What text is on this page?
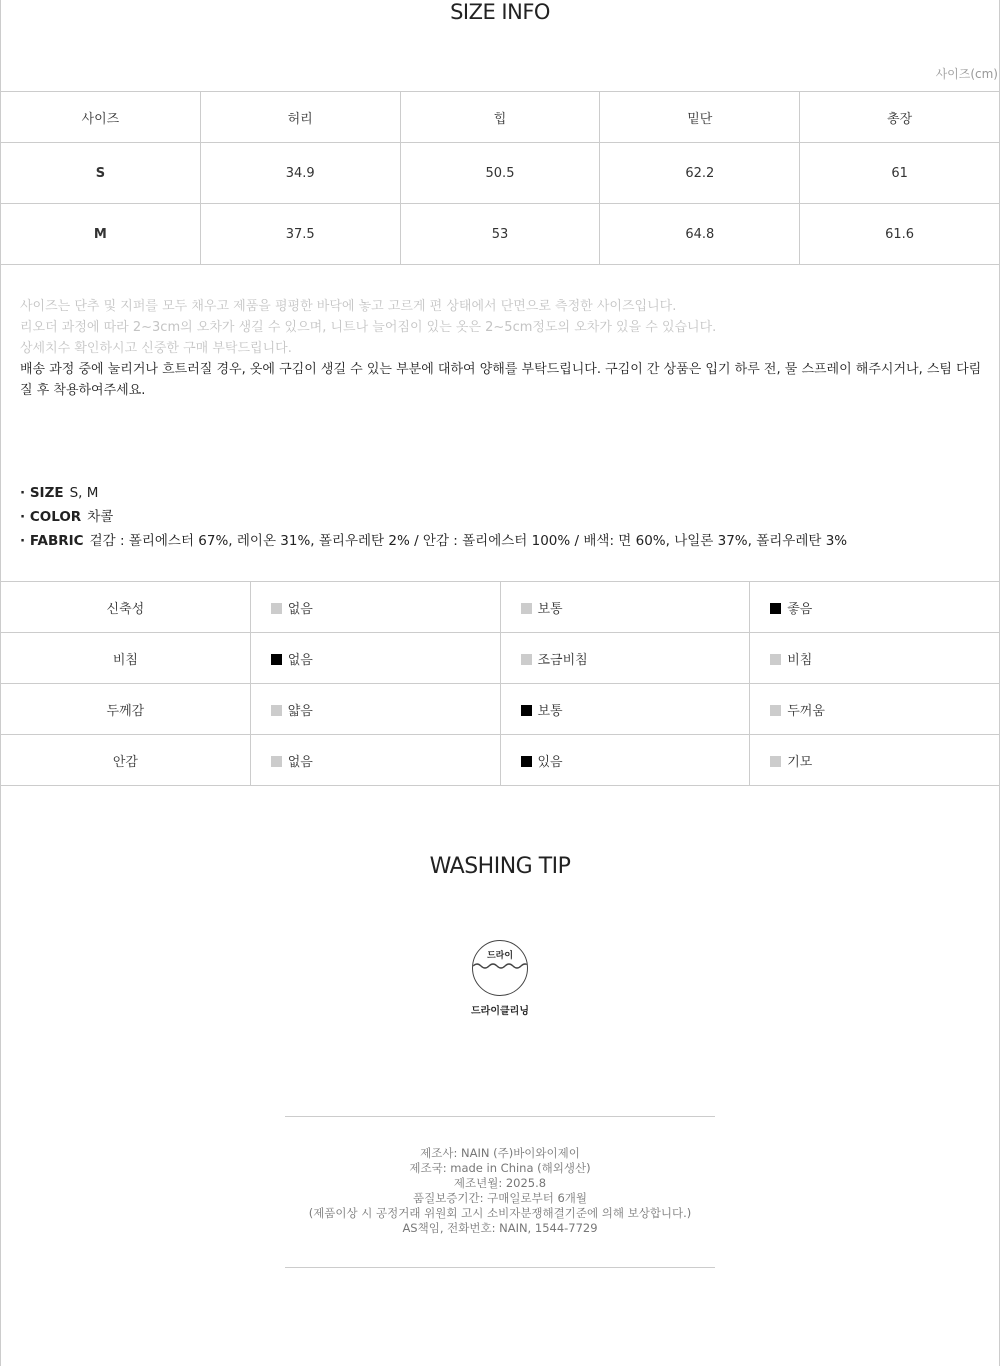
SIZE INFO
사이즈(cm)
사이즈	허리	힙	밑단	총장
S	34.9	50.5	62.2	61
M	37.5	53	64.8	61.6
사이즈는 단추 및 지퍼를 모두 채우고 제품을 평평한 바닥에 놓고 고르게 편 상태에서 단면으로 측정한 사이즈입니다.
리오더 과정에 따라 2~3cm의 오차가 생길 수 있으며, 니트나 늘어짐이 있는 옷은 2~5cm정도의 오차가 있을 수 있습니다.
상세치수 확인하시고 신중한 구매 부탁드립니다.
배송 과정 중에 눌리거나 흐트러질 경우, 옷에 구김이 생길 수 있는 부분에 대하여 양해를 부탁드립니다. 구김이 간 상품은 입기 하루 전, 물 스프레이 해주시거나, 스팀 다림질 후 착용하여주세요.
· SIZE S, M
· COLOR 차콜
· FABRIC 겉감 : 폴리에스터 67%, 레이온 31%, 폴리우레탄 2% / 안감 : 폴리에스터 100% / 배색: 면 60%, 나일론 37%, 폴리우레탄 3%
신축성	없음	보통	좋음
비침	없음	조금비침	비침
두께감	얇음	보통	두꺼움
안감	없음	있음	기모
WASHING TIP
드라이
드라이클리닝
제조사: NAIN (주)바이와이제이
제조국: made in China (해외생산)
제조년월: 2025.8
품질보증기간: 구매일로부터 6개월
(제품이상 시 공정거래 위원회 고시 소비자분쟁해결기준에 의해 보상합니다.)
AS책임, 전화번호: NAIN, 1544-7729
